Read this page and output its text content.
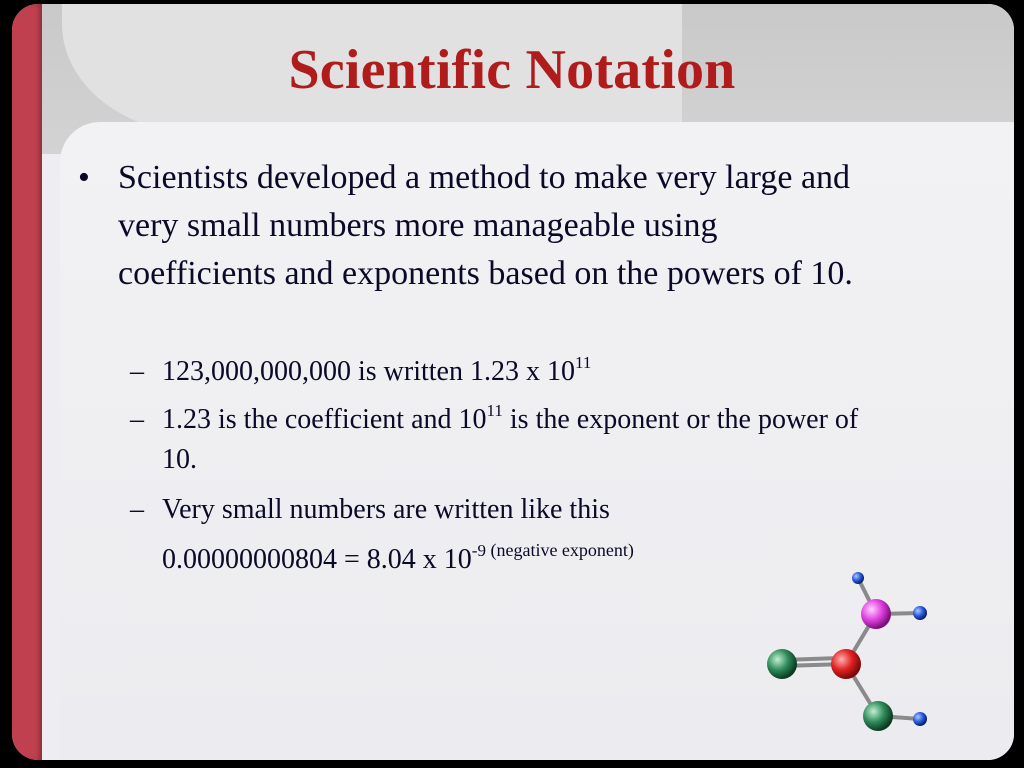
Scientific Notation
• Scientists developed a method to make very large and very small numbers more manageable using coefficients and exponents based on the powers of 10.
– 123,000,000,000 is written 1.23 x $10^{11}$
– 1.23 is the coefficient and $10^{11}$ is the exponent or the power of 10.
– Very small numbers are written like this
0.00000000804 = 8.04 x $10^{-9}$ $^{(negative exponent)}$
